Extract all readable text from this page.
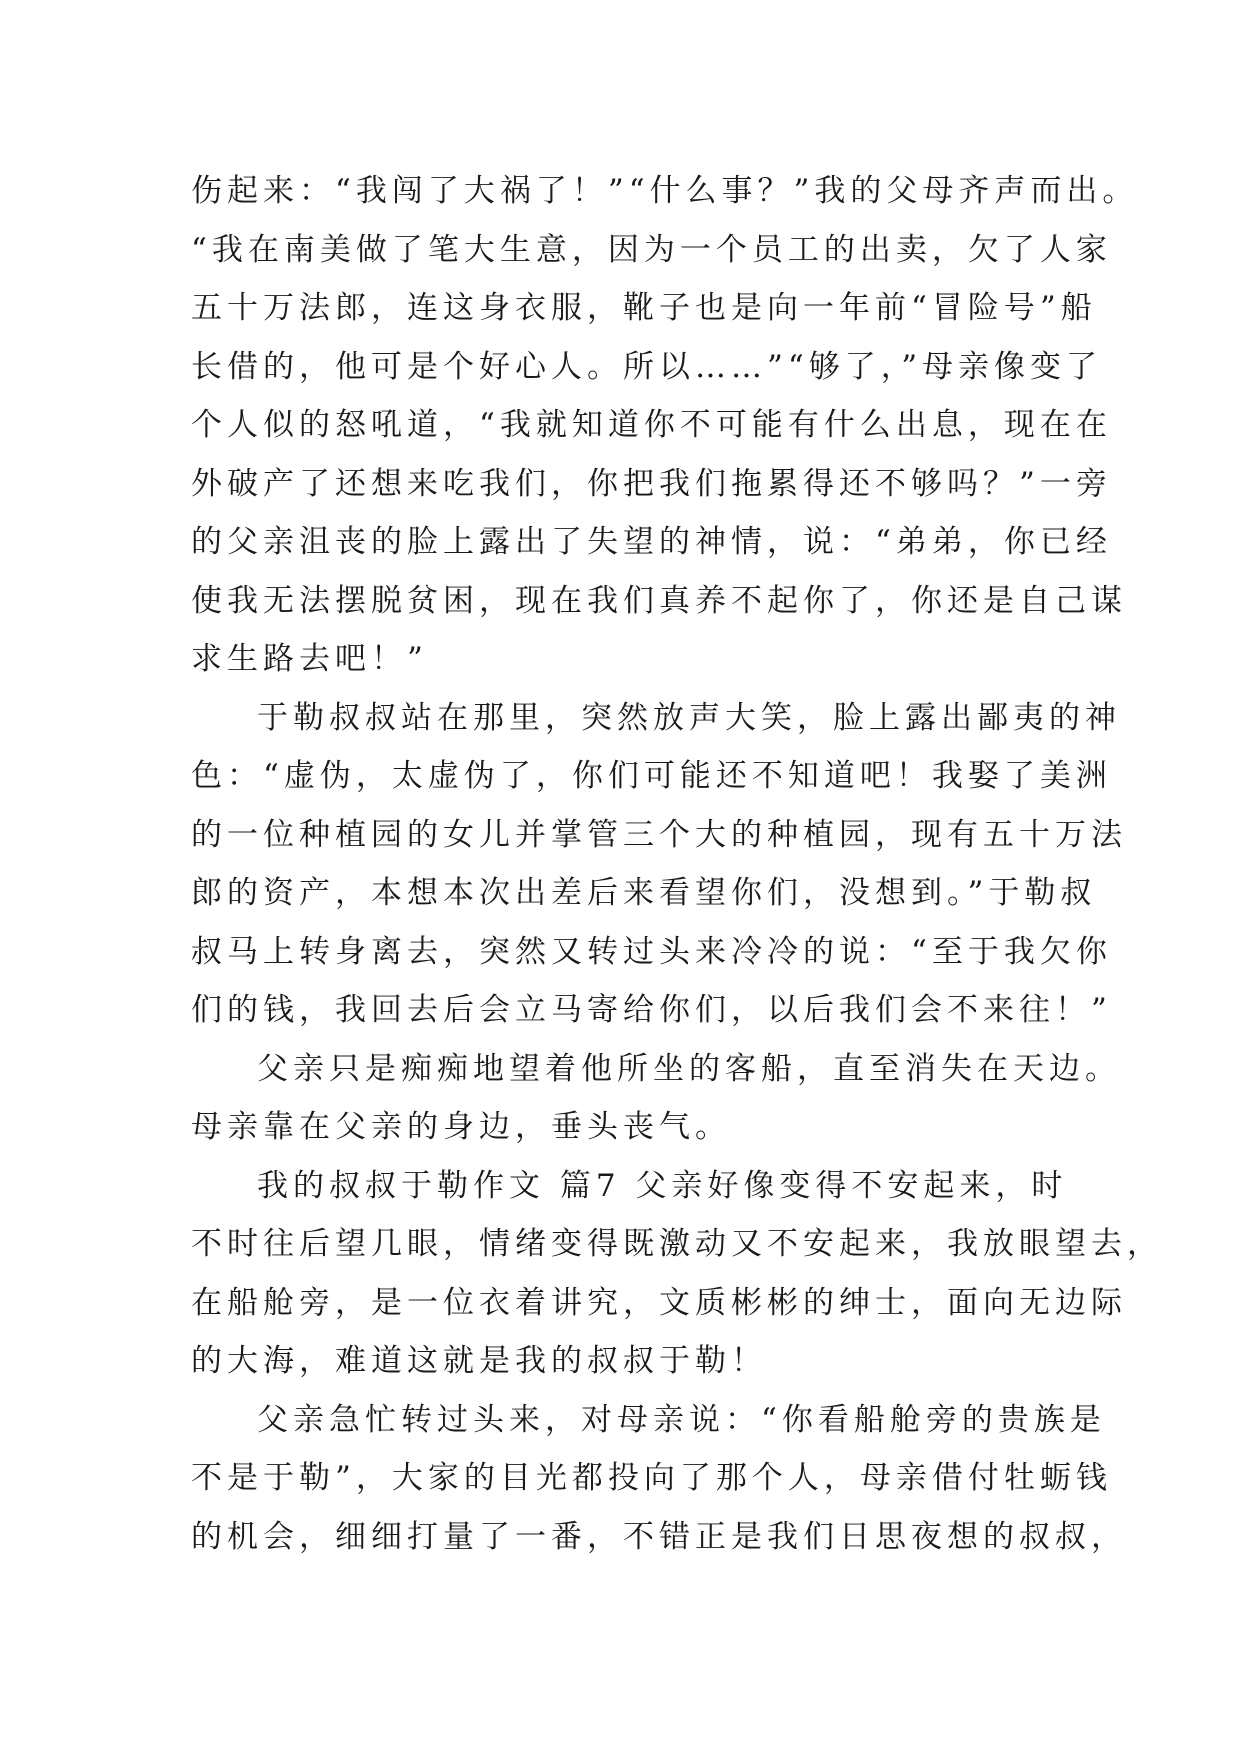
伤起来：“我闯了大祸了！”“什么事？”我的父母齐声而出。
“我在南美做了笔大生意，因为一个员工的出卖，欠了人家
五十万法郎，连这身衣服，靴子也是向一年前“冒险号”船
长借的，他可是个好心人。所以……”“够了，”母亲像变了
个人似的怒吼道，“我就知道你不可能有什么出息，现在在
外破产了还想来吃我们，你把我们拖累得还不够吗？”一旁
的父亲沮丧的脸上露出了失望的神情，说：“弟弟，你已经
使我无法摆脱贫困，现在我们真养不起你了，你还是自己谋
求生路去吧！”
于勒叔叔站在那里，突然放声大笑，脸上露出鄙夷的神
色：“虚伪，太虚伪了，你们可能还不知道吧！我娶了美洲
的一位种植园的女儿并掌管三个大的种植园，现有五十万法
郎的资产，本想本次出差后来看望你们，没想到。”于勒叔
叔马上转身离去，突然又转过头来冷冷的说：“至于我欠你
们的钱，我回去后会立马寄给你们，以后我们会不来往！”
父亲只是痴痴地望着他所坐的客船，直至消失在天边。
母亲靠在父亲的身边，垂头丧气。
我的叔叔于勒作文 篇7 父亲好像变得不安起来，时
不时往后望几眼，情绪变得既激动又不安起来，我放眼望去，
在船舱旁，是一位衣着讲究，文质彬彬的绅士，面向无边际
的大海，难道这就是我的叔叔于勒！
父亲急忙转过头来，对母亲说：“你看船舱旁的贵族是
不是于勒”，大家的目光都投向了那个人，母亲借付牡蛎钱
的机会，细细打量了一番，不错正是我们日思夜想的叔叔，
